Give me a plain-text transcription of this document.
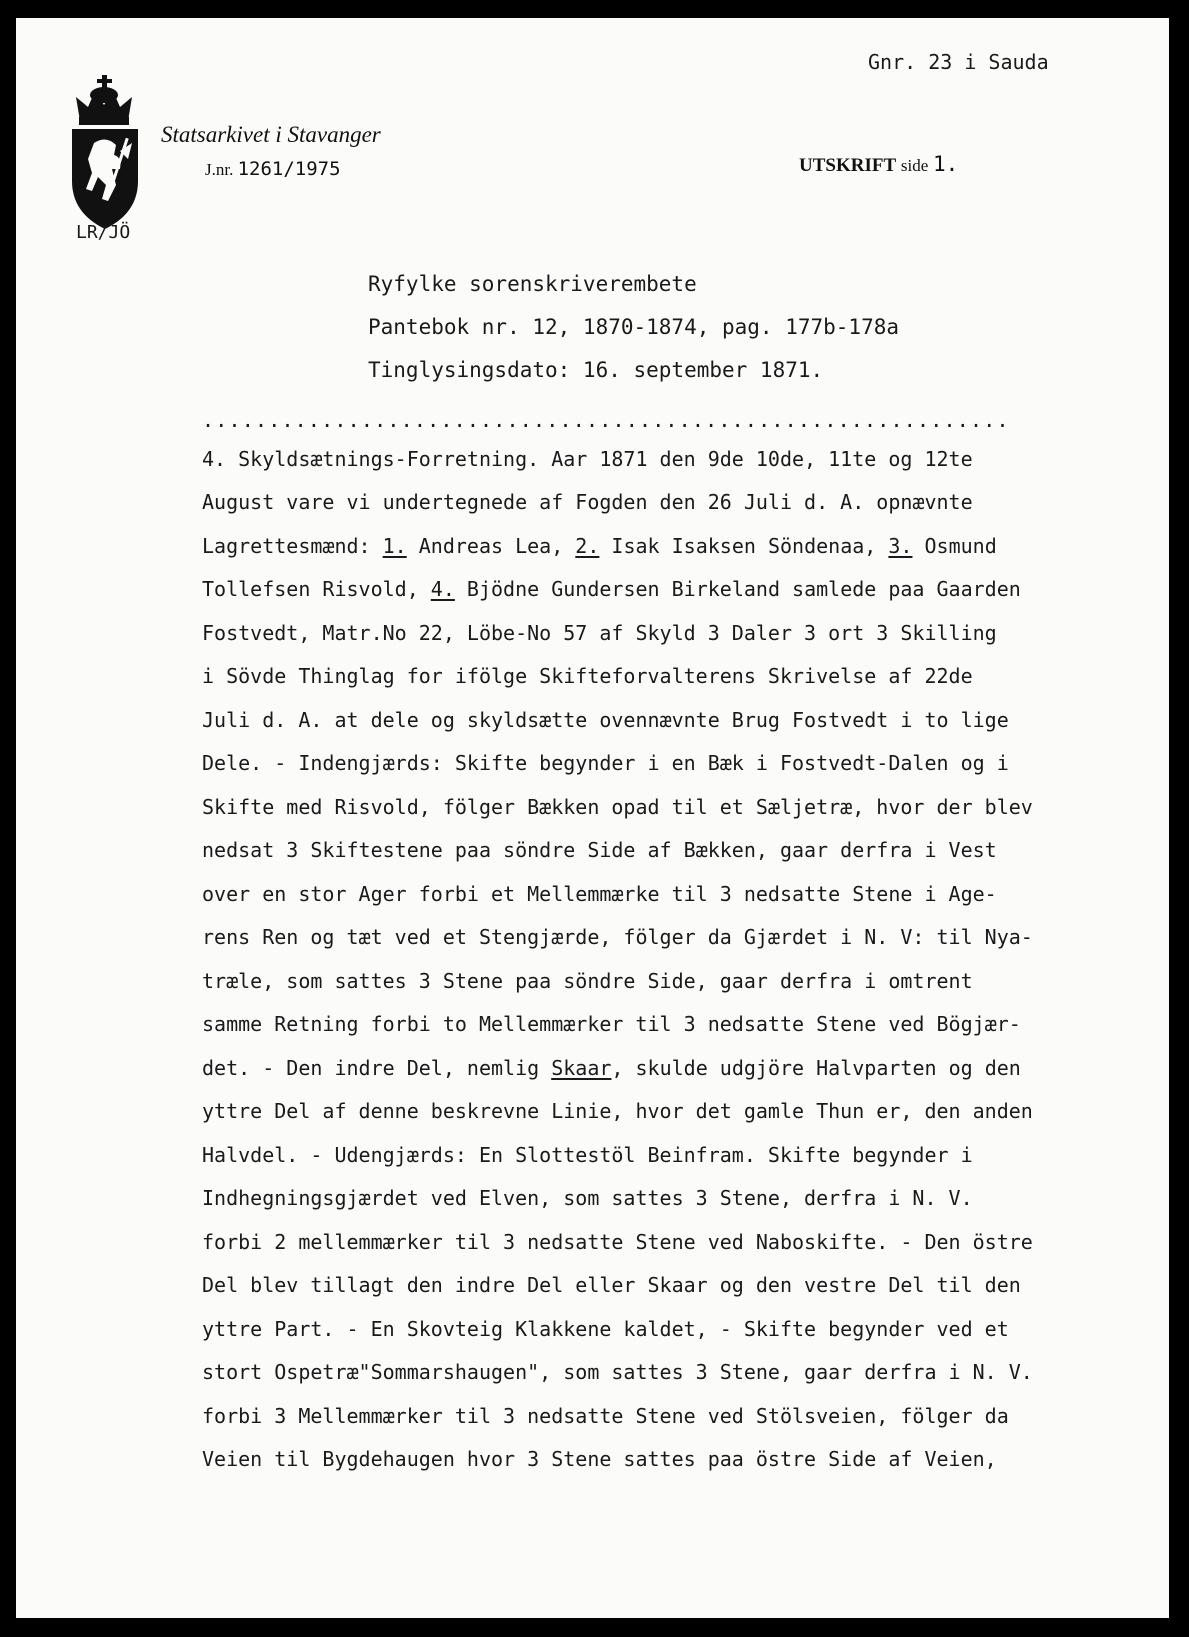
Gnr. 23 i Sauda
Statsarkivet i Stavanger
J.nr. 1261/1975	UTSKRIFT side 1.
LR/JÖ
Ryfylke sorenskriverembete
Pantebok nr. 12, 1870-1874, pag. 177b-178a
Tinglysingsdato: 16. september 1871.
.............................................................
4. Skyldsætnings-Forretning. Aar 1871 den 9de 10de, 11te og 12te
August vare vi undertegnede af Fogden den 26 Juli d. A. opnævnte
Lagrettesmænd: 1. Andreas Lea, 2. Isak Isaksen Söndenaa, 3. Osmund
Tollefsen Risvold, 4. Bjödne Gundersen Birkeland samlede paa Gaarden
Fostvedt, Matr.No 22, Löbe-No 57 af Skyld 3 Daler 3 ort 3 Skilling
i Sövde Thinglag for ifölge Skifteforvalterens Skrivelse af 22de
Juli d. A. at dele og skyldsætte ovennævnte Brug Fostvedt i to lige
Dele. - Indengjærds: Skifte begynder i en Bæk i Fostvedt-Dalen og i
Skifte med Risvold, fölger Bækken opad til et Sæljetræ, hvor der blev
nedsat 3 Skiftestene paa söndre Side af Bækken, gaar derfra i Vest
over en stor Ager forbi et Mellemmærke til 3 nedsatte Stene i Age-
rens Ren og tæt ved et Stengjærde, fölger da Gjærdet i N. V: til Nya-
træle, som sattes 3 Stene paa söndre Side, gaar derfra i omtrent
samme Retning forbi to Mellemmærker til 3 nedsatte Stene ved Bögjær-
det. - Den indre Del, nemlig Skaar, skulde udgjöre Halvparten og den
yttre Del af denne beskrevne Linie, hvor det gamle Thun er, den anden
Halvdel. - Udengjærds: En Slottestöl Beinfram. Skifte begynder i
Indhegningsgjærdet ved Elven, som sattes 3 Stene, derfra i N. V.
forbi 2 mellemmærker til 3 nedsatte Stene ved Naboskifte. - Den östre
Del blev tillagt den indre Del eller Skaar og den vestre Del til den
yttre Part. - En Skovteig Klakkene kaldet, - Skifte begynder ved et
stort Ospetræ"Sommarshaugen", som sattes 3 Stene, gaar derfra i N. V.
forbi 3 Mellemmærker til 3 nedsatte Stene ved Stölsveien, fölger da
Veien til Bygdehaugen hvor 3 Stene sattes paa östre Side af Veien,
